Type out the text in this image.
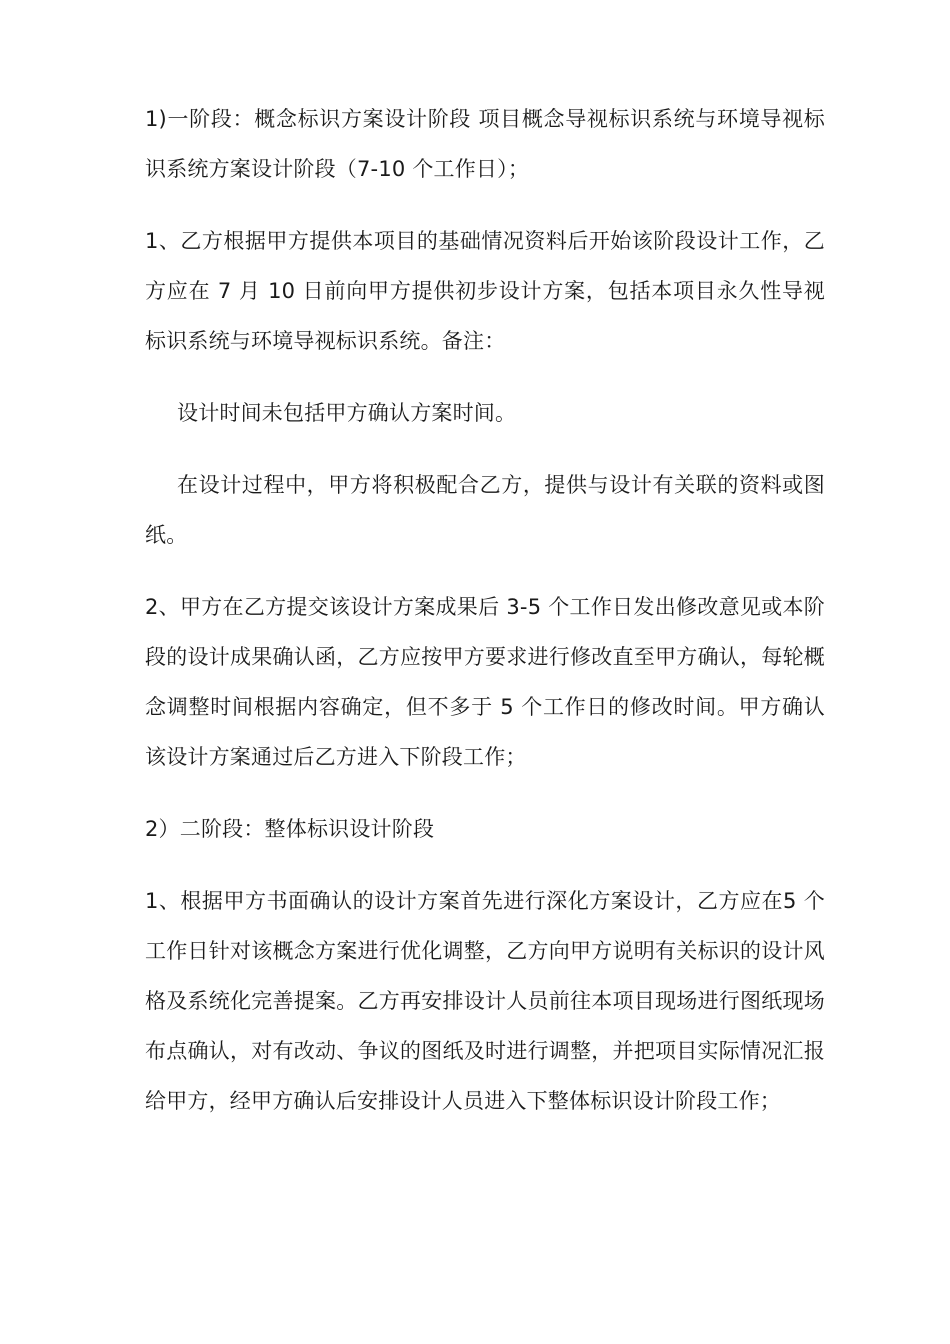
1)一阶段：概念标识方案设计阶段 项目概念导视标识系统与环境导视标识系统方案设计阶段（7-10 个工作日）；

1、乙方根据甲方提供本项目的基础情况资料后开始该阶段设计工作，乙方应在 7 月 10 日前向甲方提供初步设计方案，包括本项目永久性导视标识系统与环境导视标识系统。备注：

设计时间未包括甲方确认方案时间。

在设计过程中，甲方将积极配合乙方，提供与设计有关联的资料或图纸。

2、甲方在乙方提交该设计方案成果后 3-5 个工作日发出修改意见或本阶段的设计成果确认函，乙方应按甲方要求进行修改直至甲方确认，每轮概念调整时间根据内容确定，但不多于 5 个工作日的修改时间。甲方确认该设计方案通过后乙方进入下阶段工作；

2）二阶段：整体标识设计阶段

1、根据甲方书面确认的设计方案首先进行深化方案设计，乙方应在5 个工作日针对该概念方案进行优化调整，乙方向甲方说明有关标识的设计风格及系统化完善提案。乙方再安排设计人员前往本项目现场进行图纸现场布点确认，对有改动、争议的图纸及时进行调整，并把项目实际情况汇报给甲方，经甲方确认后安排设计人员进入下整体标识设计阶段工作；
